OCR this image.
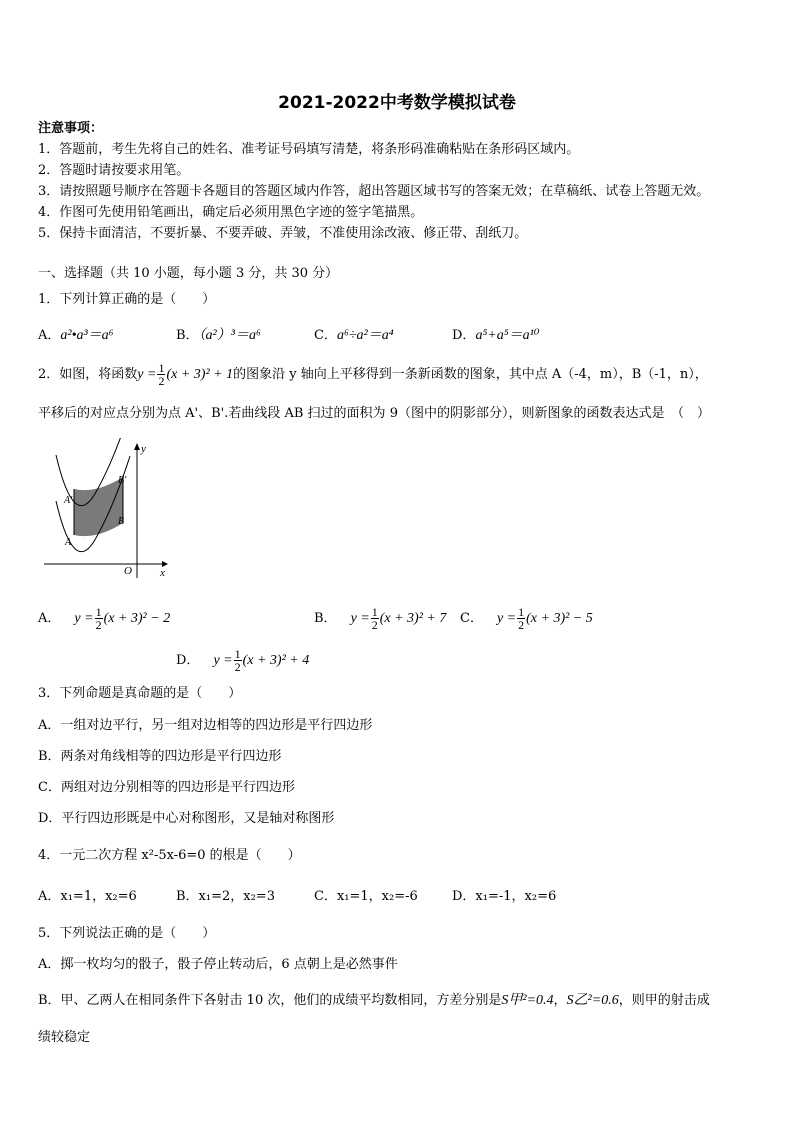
2021-2022中考数学模拟试卷
注意事项：
1．答题前，考生先将自己的姓名、准考证号码填写清楚，将条形码准确粘贴在条形码区域内。
2．答题时请按要求用笔。
3．请按照题号顺序在答题卡各题目的答题区域内作答，超出答题区域书写的答案无效；在草稿纸、试卷上答题无效。
4．作图可先使用铅笔画出，确定后必须用黑色字迹的签字笔描黑。
5．保持卡面清洁，不要折暴、不要弄破、弄皱，不准使用涂改液、修正带、刮纸刀。
一、选择题（共 10 小题，每小题 3 分，共 30 分）
1．下列计算正确的是（　　）
A．a²•a³＝a⁶	B．（a²）³＝a⁶	C．a⁶÷a²＝a⁴	D．a⁵+a⁵＝a¹⁰
2．如图，将函数$y = \frac{1}{2} (x + 3)^2 + 1$的图象沿 y 轴向上平移得到一条新函数的图象，其中点 A（-4，m），B（-1，n），
平移后的对应点分别为点 A'、B'.若曲线段 AB 扫过的面积为 9（图中的阴影部分），则新图象的函数表达式是　（　）
y
x
O
A
A'
B
B'
A． $y = \frac{1}{2} (x + 3)^2 - 2$	B． $y = \frac{1}{2} (x + 3)^2 + 7$ C． $y = \frac{1}{2} (x + 3)^2 - 5$
D． $y = \frac{1}{2} (x + 3)^2 + 4$
3．下列命题是真命题的是（　　）
A．一组对边平行，另一组对边相等的四边形是平行四边形
B．两条对角线相等的四边形是平行四边形
C．两组对边分别相等的四边形是平行四边形
D．平行四边形既是中心对称图形，又是轴对称图形
4．一元二次方程 x²-5x-6=0 的根是（　　）
A．x₁=1，x₂=6	B．x₁=2，x₂=3	C．x₁=1，x₂=-6	D．x₁=-1，x₂=6
5．下列说法正确的是（　　）
A．掷一枚均匀的骰子，骰子停止转动后，6 点朝上是必然事件
B．甲、乙两人在相同条件下各射击 10 次，他们的成绩平均数相同，方差分别是S甲²=0.4，S乙²=0.6，则甲的射击成
绩较稳定
